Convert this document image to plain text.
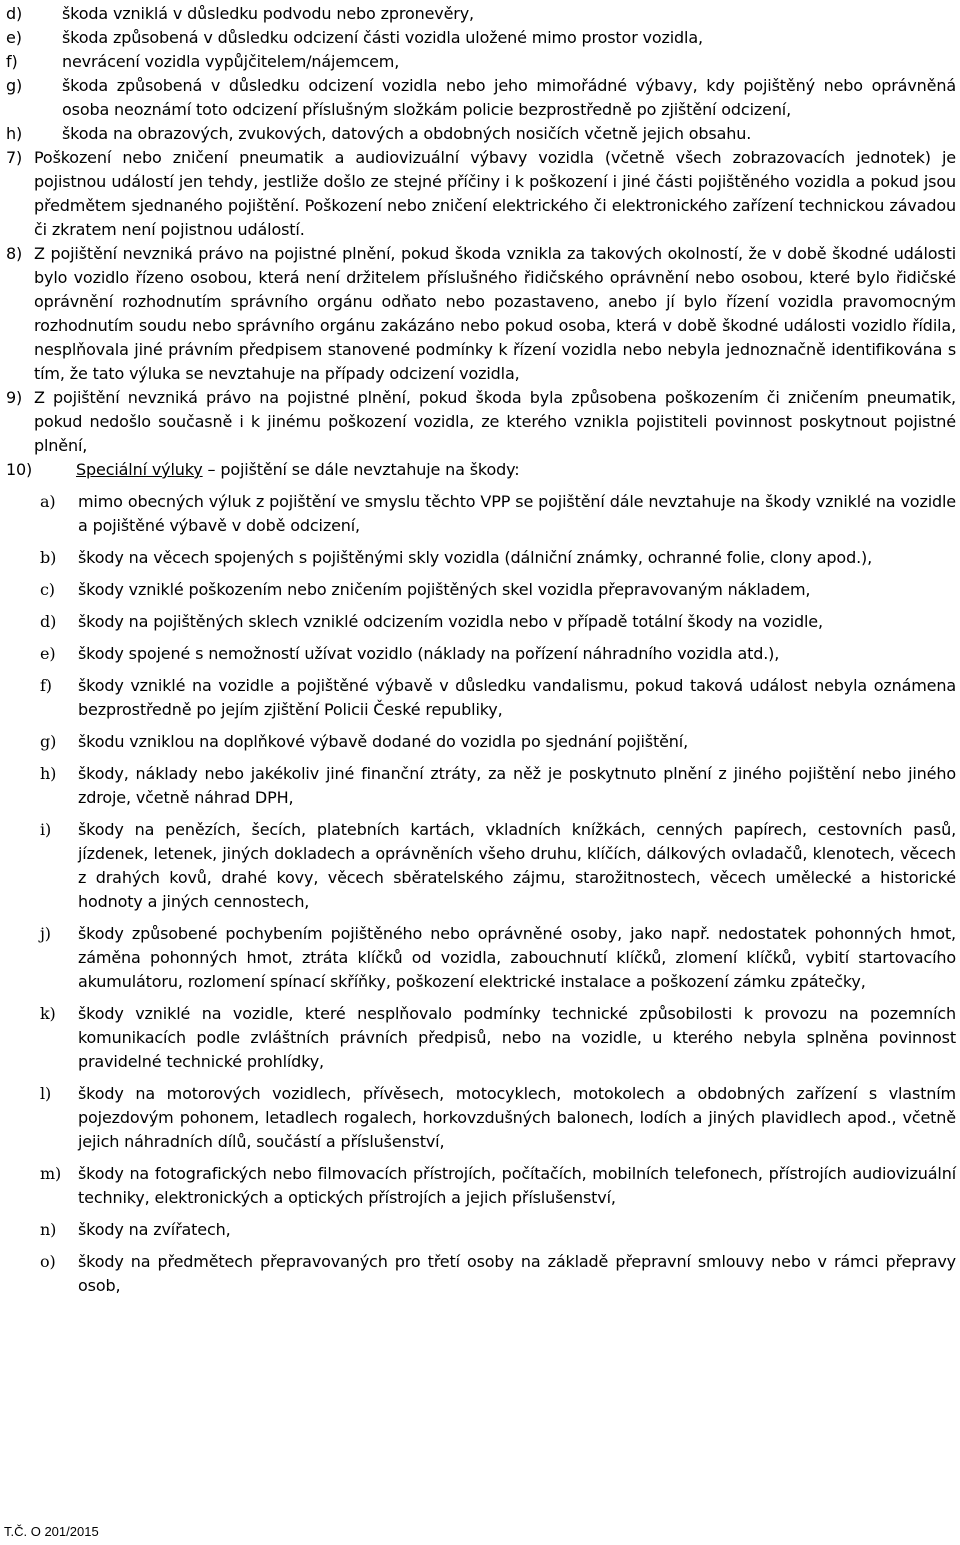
d) škoda vzniklá v důsledku podvodu nebo zpronevěry,
e)	škoda způsobená v důsledku odcizení části vozidla uložené mimo prostor vozidla,
f)	nevrácení vozidla vypůjčitelem/nájemcem,
g) škoda způsobená v důsledku odcizení vozidla nebo jeho mimořádné výbavy, kdy pojištěný nebo oprávněná osoba neoznámí toto odcizení příslušným složkám policie bezprostředně po zjištění odcizení,
h) škoda na obrazových, zvukových, datových a obdobných nosičích včetně jejich obsahu.
7) Poškození nebo zničení pneumatik a audiovizuální výbavy vozidla (včetně všech zobrazovacích jednotek) je pojistnou událostí jen tehdy, jestliže došlo ze stejné příčiny i k poškození i jiné části pojištěného vozidla a pokud jsou předmětem sjednaného pojištění. Poškození nebo zničení elektrického či elektronického zařízení technickou závadou či zkratem není pojistnou událostí.
8) Z pojištění nevzniká právo na pojistné plnění, pokud škoda vznikla za takových okolností, že v době škodné události bylo vozidlo řízeno osobou, která není držitelem příslušného řidičského oprávnění nebo osobou, které bylo řidičské oprávnění rozhodnutím správního orgánu odňato nebo pozastaveno, anebo jí bylo řízení vozidla pravomocným rozhodnutím soudu nebo správního orgánu zakázáno nebo pokud osoba, která v době škodné události vozidlo řídila, nesplňovala jiné právním předpisem stanovené podmínky k řízení vozidla nebo nebyla jednoznačně identifikována s tím, že tato výluka se nevztahuje na případy odcizení vozidla,
9) Z pojištění nevzniká právo na pojistné plnění, pokud škoda byla způsobena poškozením či zničením pneumatik, pokud nedošlo současně i k jinému poškození vozidla, ze kterého vznikla pojistiteli povinnost poskytnout pojistné plnění,
10)	Speciální výluky – pojištění se dále nevztahuje na škody:
a) mimo obecných výluk z pojištění ve smyslu těchto VPP se pojištění dále nevztahuje na škody vzniklé na vozidle a pojištěné výbavě v době odcizení,
b) škody na věcech spojených s pojištěnými skly vozidla (dálniční známky, ochranné folie, clony apod.),
c) škody vzniklé poškozením nebo zničením pojištěných skel vozidla přepravovaným nákladem,
d) škody na pojištěných sklech vzniklé odcizením vozidla nebo v případě totální škody na vozidle,
e) škody spojené s nemožností užívat vozidlo (náklady na pořízení náhradního vozidla atd.),
f) škody vzniklé na vozidle a pojištěné výbavě v důsledku vandalismu, pokud taková událost nebyla oznámena bezprostředně po jejím zjištění Policii České republiky,
g) škodu vzniklou na doplňkové výbavě dodané do vozidla po sjednání pojištění,
h) škody, náklady nebo jakékoliv jiné finanční ztráty, za něž je poskytnuto plnění z jiného pojištění nebo jiného zdroje, včetně náhrad DPH,
i) škody na penězích, šecích, platebních kartách, vkladních knížkách, cenných papírech, cestovních pasů, jízdenek, letenek, jiných dokladech a oprávněních všeho druhu, klíčích, dálkových ovladačů, klenotech, věcech z drahých kovů, drahé kovy, věcech sběratelského zájmu, starožitnostech, věcech umělecké a historické hodnoty a jiných cennostech,
j) škody způsobené pochybením pojištěného nebo oprávněné osoby, jako např. nedostatek pohonných hmot, záměna pohonných hmot, ztráta klíčků od vozidla, zabouchnutí klíčků, zlomení klíčků, vybití startovacího akumulátoru, rozlomení spínací skříňky, poškození elektrické instalace a poškození zámku zpátečky,
k) škody vzniklé na vozidle, které nesplňovalo podmínky technické způsobilosti k provozu na pozemních komunikacích podle zvláštních právních předpisů, nebo na vozidle, u kterého nebyla splněna povinnost pravidelné technické prohlídky,
l) škody na motorových vozidlech, přívěsech, motocyklech, motokolech a obdobných zařízení s vlastním pojezdovým pohonem, letadlech rogalech, horkovzdušných balonech, lodích a jiných plavidlech apod., včetně jejich náhradních dílů, součástí a příslušenství,
m) škody na fotografických nebo filmovacích přístrojích, počítačích, mobilních telefonech, přístrojích audiovizuální techniky, elektronických a optických přístrojích a jejich příslušenství,
n) škody na zvířatech,
o) škody na předmětech přepravovaných pro třetí osoby na základě přepravní smlouvy nebo v rámci přepravy osob,
T.Č. O 201/2015
